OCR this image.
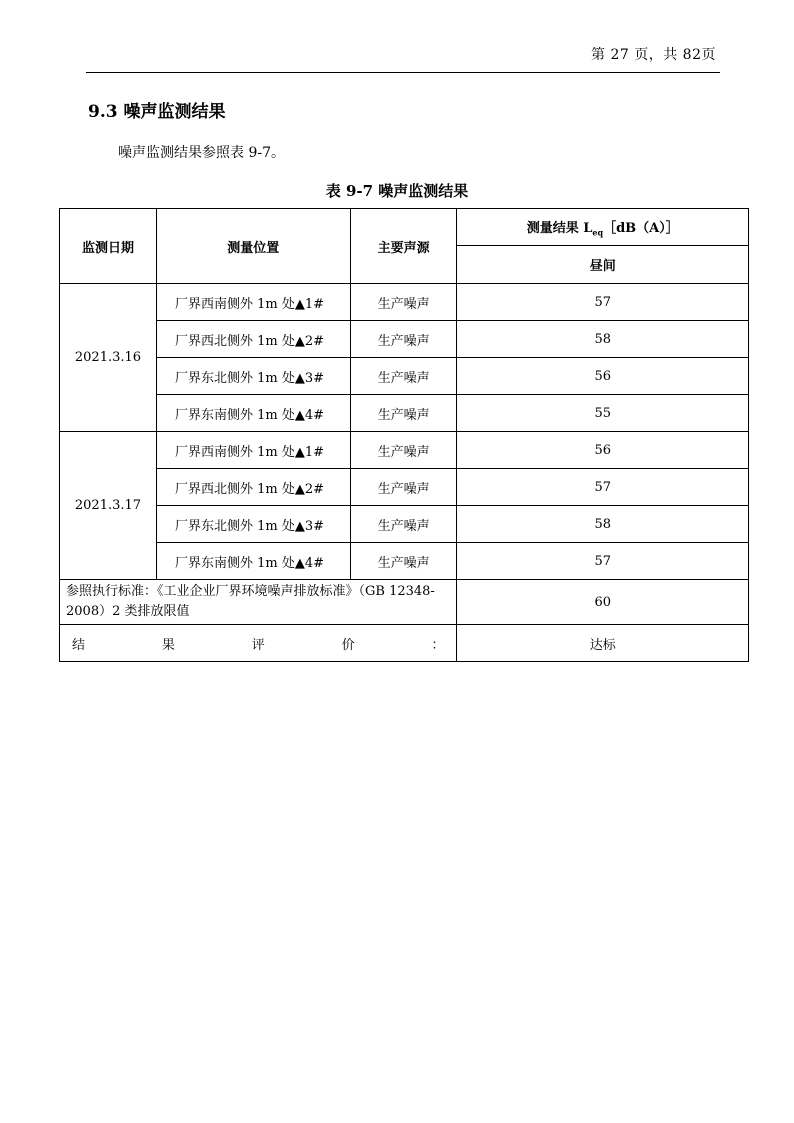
第 27 页，共 82页
9.3 噪声监测结果
噪声监测结果参照表 9-7。
表 9-7 噪声监测结果
监测日期	测量位置	主要声源	测量结果 $L_{eq}[dB(A)]$
			昼间
2021.3.16	厂界西南侧外 1m 处▲1#	生产噪声	57
	厂界西北侧外 1m 处▲2#	生产噪声	58
	厂界东北侧外 1m 处▲3#	生产噪声	56
	厂界东南侧外 1m 处▲4#	生产噪声	55
2021.3.17	厂界西南侧外 1m 处▲1#	生产噪声	56
	厂界西北侧外 1m 处▲2#	生产噪声	57
	厂界东北侧外 1m 处▲3#	生产噪声	58
	厂界东南侧外 1m 处▲4#	生产噪声	57
参照执行标准：《工业企业厂界环境噪声排放标准》（GB 12348-2008）2 类排放限值			60
结果评价：			达标
